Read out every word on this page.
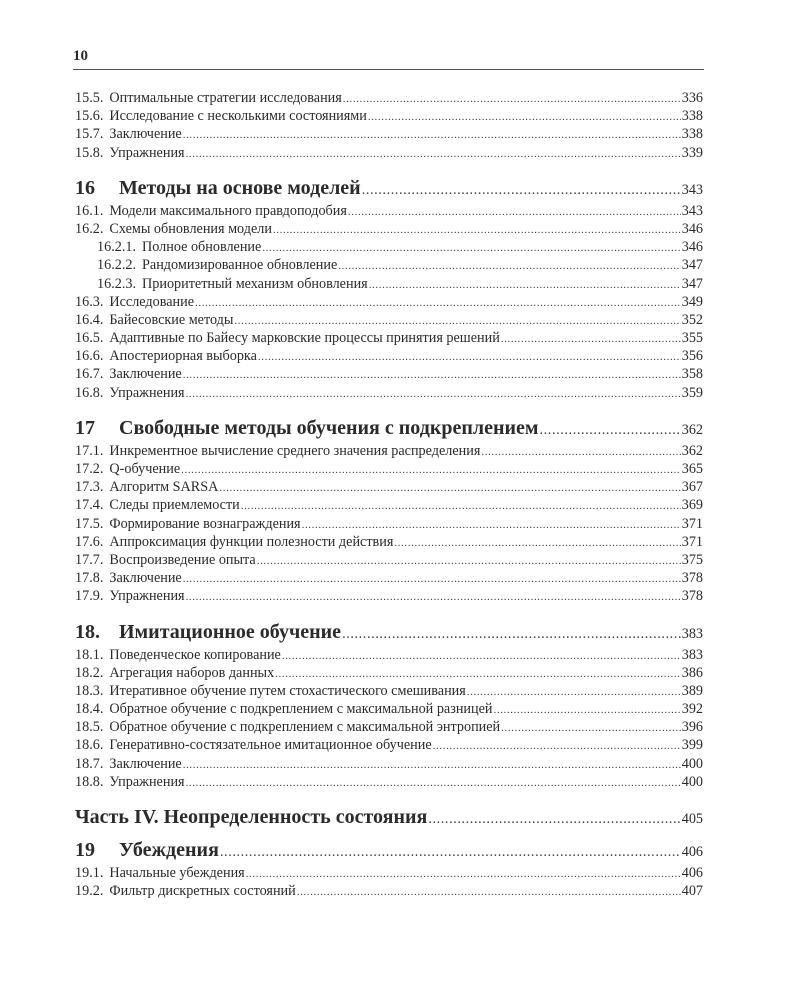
10
15.5. Оптимальные стратегии исследования .....	336
15.6. Исследование с несколькими состояниями .....	338
15.7. Заключение .....	338
15.8. Упражнения .....	339
16	Методы на основе моделей .....	343
16.1. Модели максимального правдоподобия .....	343
16.2. Схемы обновления модели .....	346
16.2.1. Полное обновление .....	346
16.2.2. Рандомизированное обновление .....	347
16.2.3. Приоритетный механизм обновления .....	347
16.3. Исследование .....	349
16.4. Байесовские методы .....	352
16.5. Адаптивные по Байесу марковские процессы принятия решений .....	355
16.6. Апостериорная выборка .....	356
16.7. Заключение .....	358
16.8. Упражнения .....	359
17	Свободные методы обучения с подкреплением .....	362
17.1. Инкрементное вычисление среднего значения распределения .....	362
17.2. Q-обучение .....	365
17.3. Алгоритм SARSA .....	367
17.4. Следы приемлемости .....	369
17.5. Формирование вознаграждения .....	371
17.6. Аппроксимация функции полезности действия .....	371
17.7. Воспроизведение опыта .....	375
17.8. Заключение .....	378
17.9. Упражнения .....	378
18. Имитационное обучение .....	383
18.1. Поведенческое копирование .....	383
18.2. Агрегация наборов данных .....	386
18.3. Итеративное обучение путем стохастического смешивания .....	389
18.4. Обратное обучение с подкреплением с максимальной разницей .....	392
18.5. Обратное обучение с подкреплением с максимальной энтропией .....	396
18.6. Генеративно-состязательное имитационное обучение .....	399
18.7. Заключение .....	400
18.8. Упражнения .....	400
Часть IV. Неопределенность состояния .....	405
19	Убеждения .....	406
19.1. Начальные убеждения .....	406
19.2. Фильтр дискретных состояний .....	407
